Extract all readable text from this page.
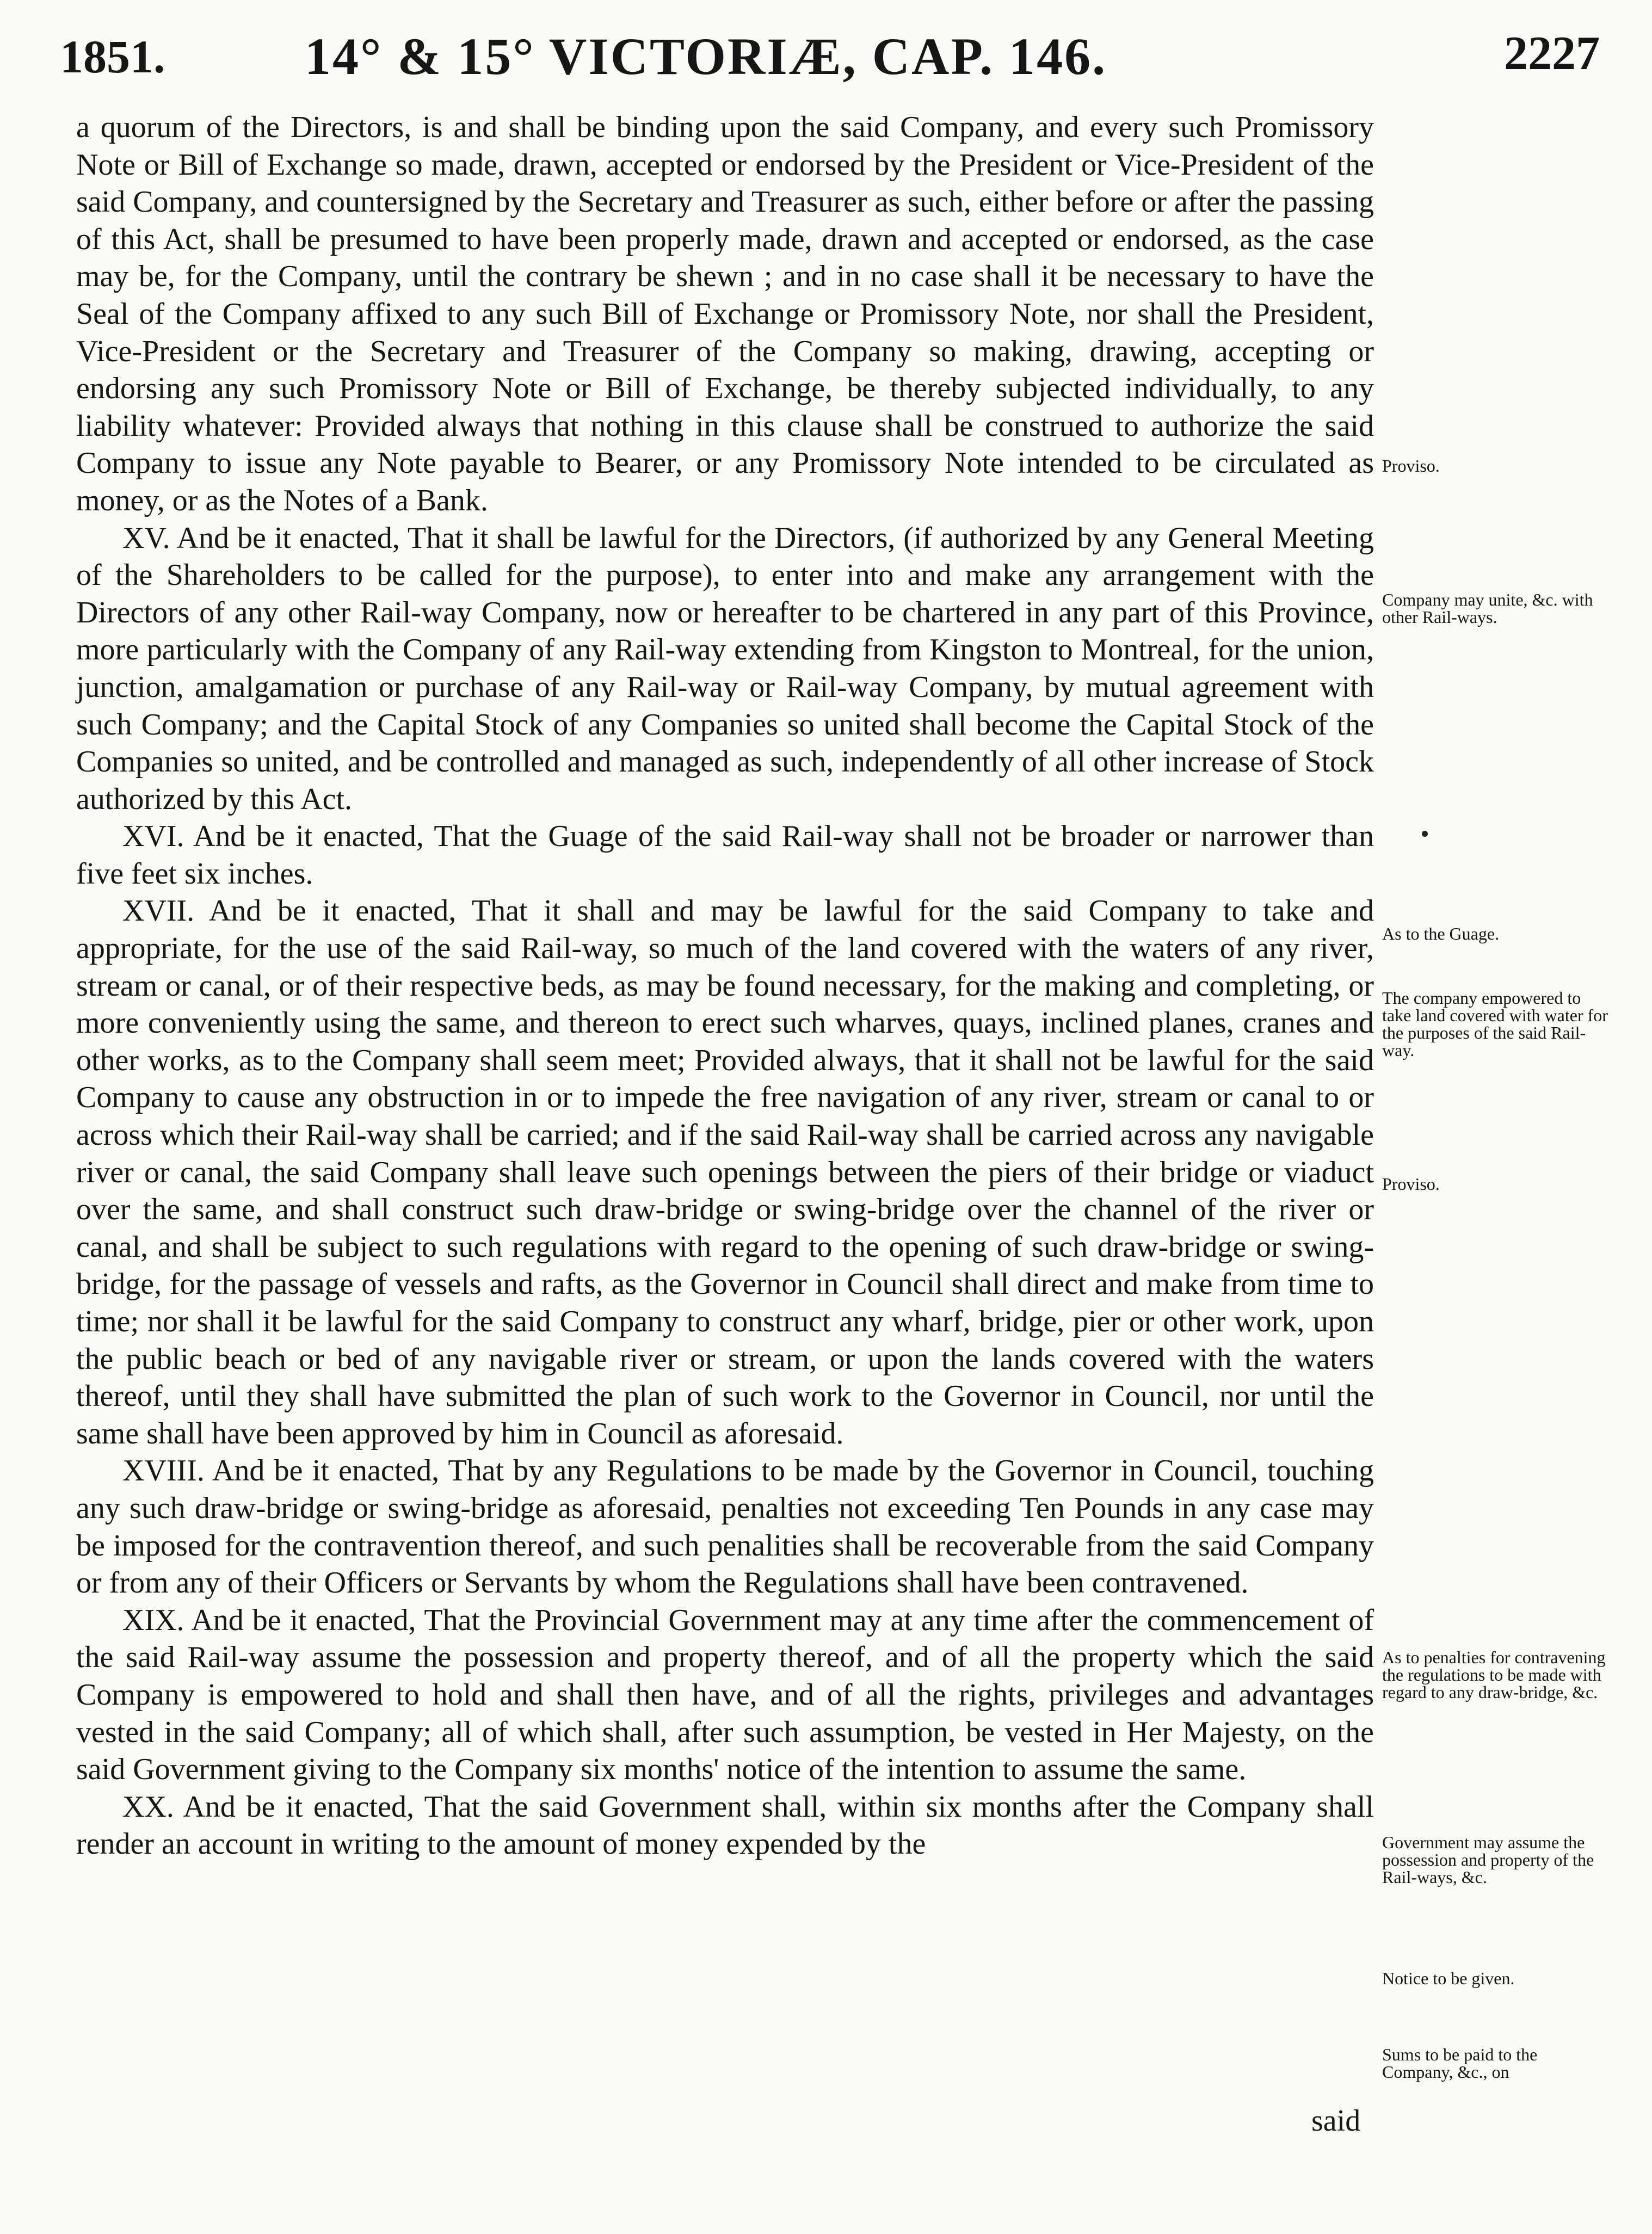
1851.	14° & 15° VICTORIÆ, CAP. 146.	2227

a quorum of the Directors, is and shall be binding upon the said Company, and every such Promissory Note or Bill of Exchange so made, drawn, accepted or endorsed by the President or Vice-President of the said Company, and countersigned by the Secretary and Treasurer as such, either before or after the passing of this Act, shall be presumed to have been properly made, drawn and accepted or endorsed, as the case may be, for the Company, until the contrary be shewn ; and in no case shall it be necessary to have the Seal of the Company affixed to any such Bill of Exchange or Promissory Note, nor shall the President, Vice-President or the Secretary and Treasurer of the Company so making, drawing, accepting or endorsing any such Promissory Note or Bill of Exchange, be thereby subjected individually, to any liability whatever: Provided always that nothing in this clause shall be construed to authorize the said Company to issue any Note payable to Bearer, or any Promissory Note intended to be circulated as money, or as the Notes of a Bank.

XV. And be it enacted, That it shall be lawful for the Directors, (if authorized by any General Meeting of the Shareholders to be called for the purpose), to enter into and make any arrangement with the Directors of any other Rail-way Company, now or hereafter to be chartered in any part of this Province, more particularly with the Company of any Rail-way extending from Kingston to Montreal, for the union, junction, amalgamation or purchase of any Rail-way or Rail-way Company, by mutual agreement with such Company; and the Capital Stock of any Companies so united shall become the Capital Stock of the Companies so united, and be controlled and managed as such, independently of all other increase of Stock authorized by this Act.

XVI. And be it enacted, That the Guage of the said Rail-way shall not be broader or narrower than five feet six inches.

XVII. And be it enacted, That it shall and may be lawful for the said Company to take and appropriate, for the use of the said Rail-way, so much of the land covered with the waters of any river, stream or canal, or of their respective beds, as may be found necessary, for the making and completing, or more conveniently using the same, and thereon to erect such wharves, quays, inclined planes, cranes and other works, as to the Company shall seem meet; Provided always, that it shall not be lawful for the said Company to cause any obstruction in or to impede the free navigation of any river, stream or canal to or across which their Rail-way shall be carried; and if the said Rail-way shall be carried across any navigable river or canal, the said Company shall leave such openings between the piers of their bridge or viaduct over the same, and shall construct such draw-bridge or swing-bridge over the channel of the river or canal, and shall be subject to such regulations with regard to the opening of such draw-bridge or swing-bridge, for the passage of vessels and rafts, as the Governor in Council shall direct and make from time to time; nor shall it be lawful for the said Company to construct any wharf, bridge, pier or other work, upon the public beach or bed of any navigable river or stream, or upon the lands covered with the waters thereof, until they shall have submitted the plan of such work to the Governor in Council, nor until the same shall have been approved by him in Council as aforesaid.

XVIII. And be it enacted, That by any Regulations to be made by the Governor in Council, touching any such draw-bridge or swing-bridge as aforesaid, penalties not exceeding Ten Pounds in any case may be imposed for the contravention thereof, and such penalities shall be recoverable from the said Company or from any of their Officers or Servants by whom the Regulations shall have been contravened.

XIX. And be it enacted, That the Provincial Government may at any time after the commencement of the said Rail-way assume the possession and property thereof, and of all the property which the said Company is empowered to hold and shall then have, and of all the rights, privileges and advantages vested in the said Company; all of which shall, after such assumption, be vested in Her Majesty, on the said Government giving to the Company six months' notice of the intention to assume the same.

XX. And be it enacted, That the said Government shall, within six months after the Company shall render an account in writing to the amount of money expended by the

said

Proviso.

Company may unite, &c. with other Rail-ways.

As to the Guage.

The company empowered to take land covered with water for the purposes of the said Rail-way.

Proviso.

As to penalties for contravening the regulations to be made with regard to any draw-bridge, &c.

Government may assume the possession and property of the Rail-ways, &c.

Notice to be given.

Sums to be paid to the Company, &c., on
